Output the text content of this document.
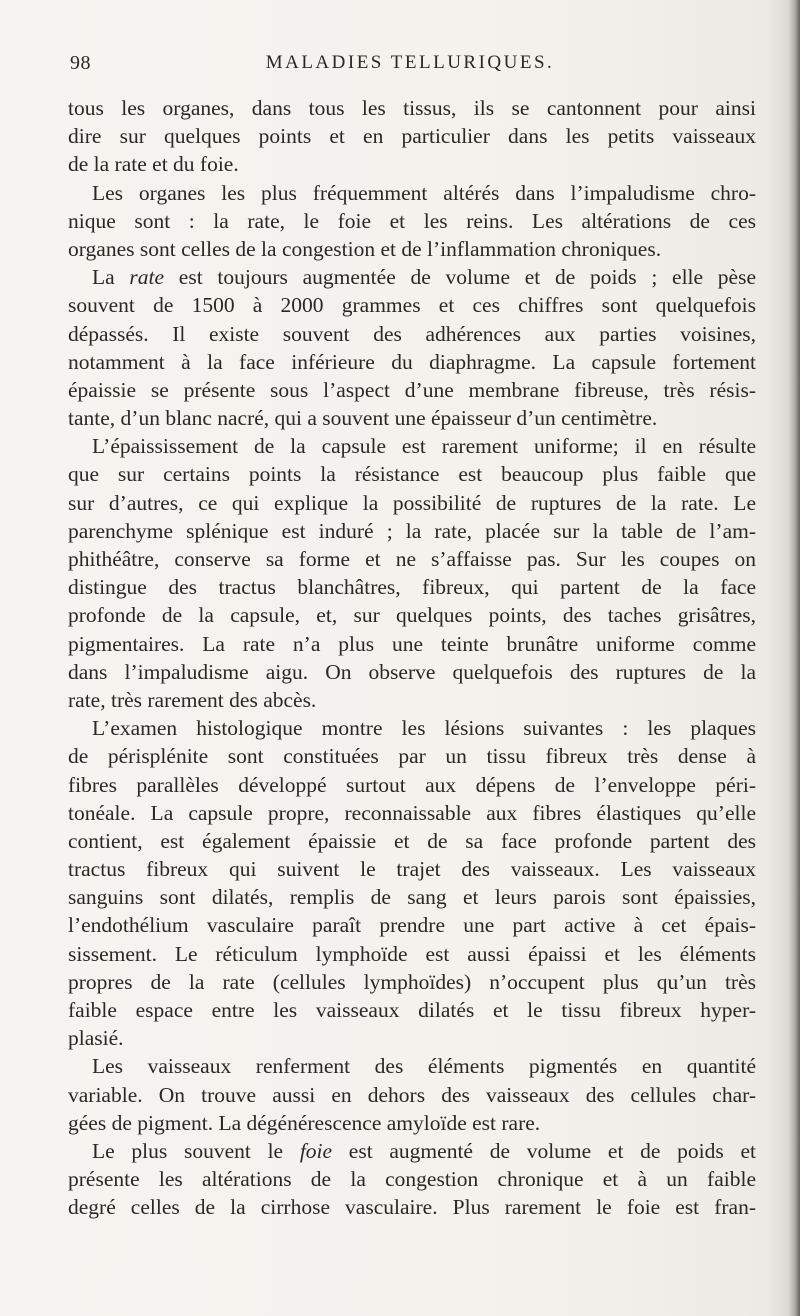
98	MALADIES TELLURIQUES.
tous les organes, dans tous les tissus, ils se cantonnent pour ainsi
dire sur quelques points et en particulier dans les petits vaisseaux
de la rate et du foie.
Les organes les plus fréquemment altérés dans l’impaludisme chro-
nique sont : la rate, le foie et les reins. Les altérations de ces
organes sont celles de la congestion et de l’inflammation chroniques.
La rate est toujours augmentée de volume et de poids ; elle pèse
souvent de 1500 à 2000 grammes et ces chiffres sont quelquefois
dépassés. Il existe souvent des adhérences aux parties voisines,
notamment à la face inférieure du diaphragme. La capsule fortement
épaissie se présente sous l’aspect d’une membrane fibreuse, très résis-
tante, d’un blanc nacré, qui a souvent une épaisseur d’un centimètre.
L’épaississement de la capsule est rarement uniforme; il en résulte
que sur certains points la résistance est beaucoup plus faible que
sur d’autres, ce qui explique la possibilité de ruptures de la rate. Le
parenchyme splénique est induré ; la rate, placée sur la table de l’am-
phithéâtre, conserve sa forme et ne s’affaisse pas. Sur les coupes on
distingue des tractus blanchâtres, fibreux, qui partent de la face
profonde de la capsule, et, sur quelques points, des taches grisâtres,
pigmentaires. La rate n’a plus une teinte brunâtre uniforme comme
dans l’impaludisme aigu. On observe quelquefois des ruptures de la
rate, très rarement des abcès.
L’examen histologique montre les lésions suivantes : les plaques
de périsplénite sont constituées par un tissu fibreux très dense à
fibres parallèles développé surtout aux dépens de l’enveloppe péri-
tonéale. La capsule propre, reconnaissable aux fibres élastiques qu’elle
contient, est également épaissie et de sa face profonde partent des
tractus fibreux qui suivent le trajet des vaisseaux. Les vaisseaux
sanguins sont dilatés, remplis de sang et leurs parois sont épaissies,
l’endothélium vasculaire paraît prendre une part active à cet épais-
sissement. Le réticulum lymphoïde est aussi épaissi et les éléments
propres de la rate (cellules lymphoïdes) n’occupent plus qu’un très
faible espace entre les vaisseaux dilatés et le tissu fibreux hyper-
plasié.
Les vaisseaux renferment des éléments pigmentés en quantité
variable. On trouve aussi en dehors des vaisseaux des cellules char-
gées de pigment. La dégénérescence amyloïde est rare.
Le plus souvent le foie est augmenté de volume et de poids et
présente les altérations de la congestion chronique et à un faible
degré celles de la cirrhose vasculaire. Plus rarement le foie est fran-
